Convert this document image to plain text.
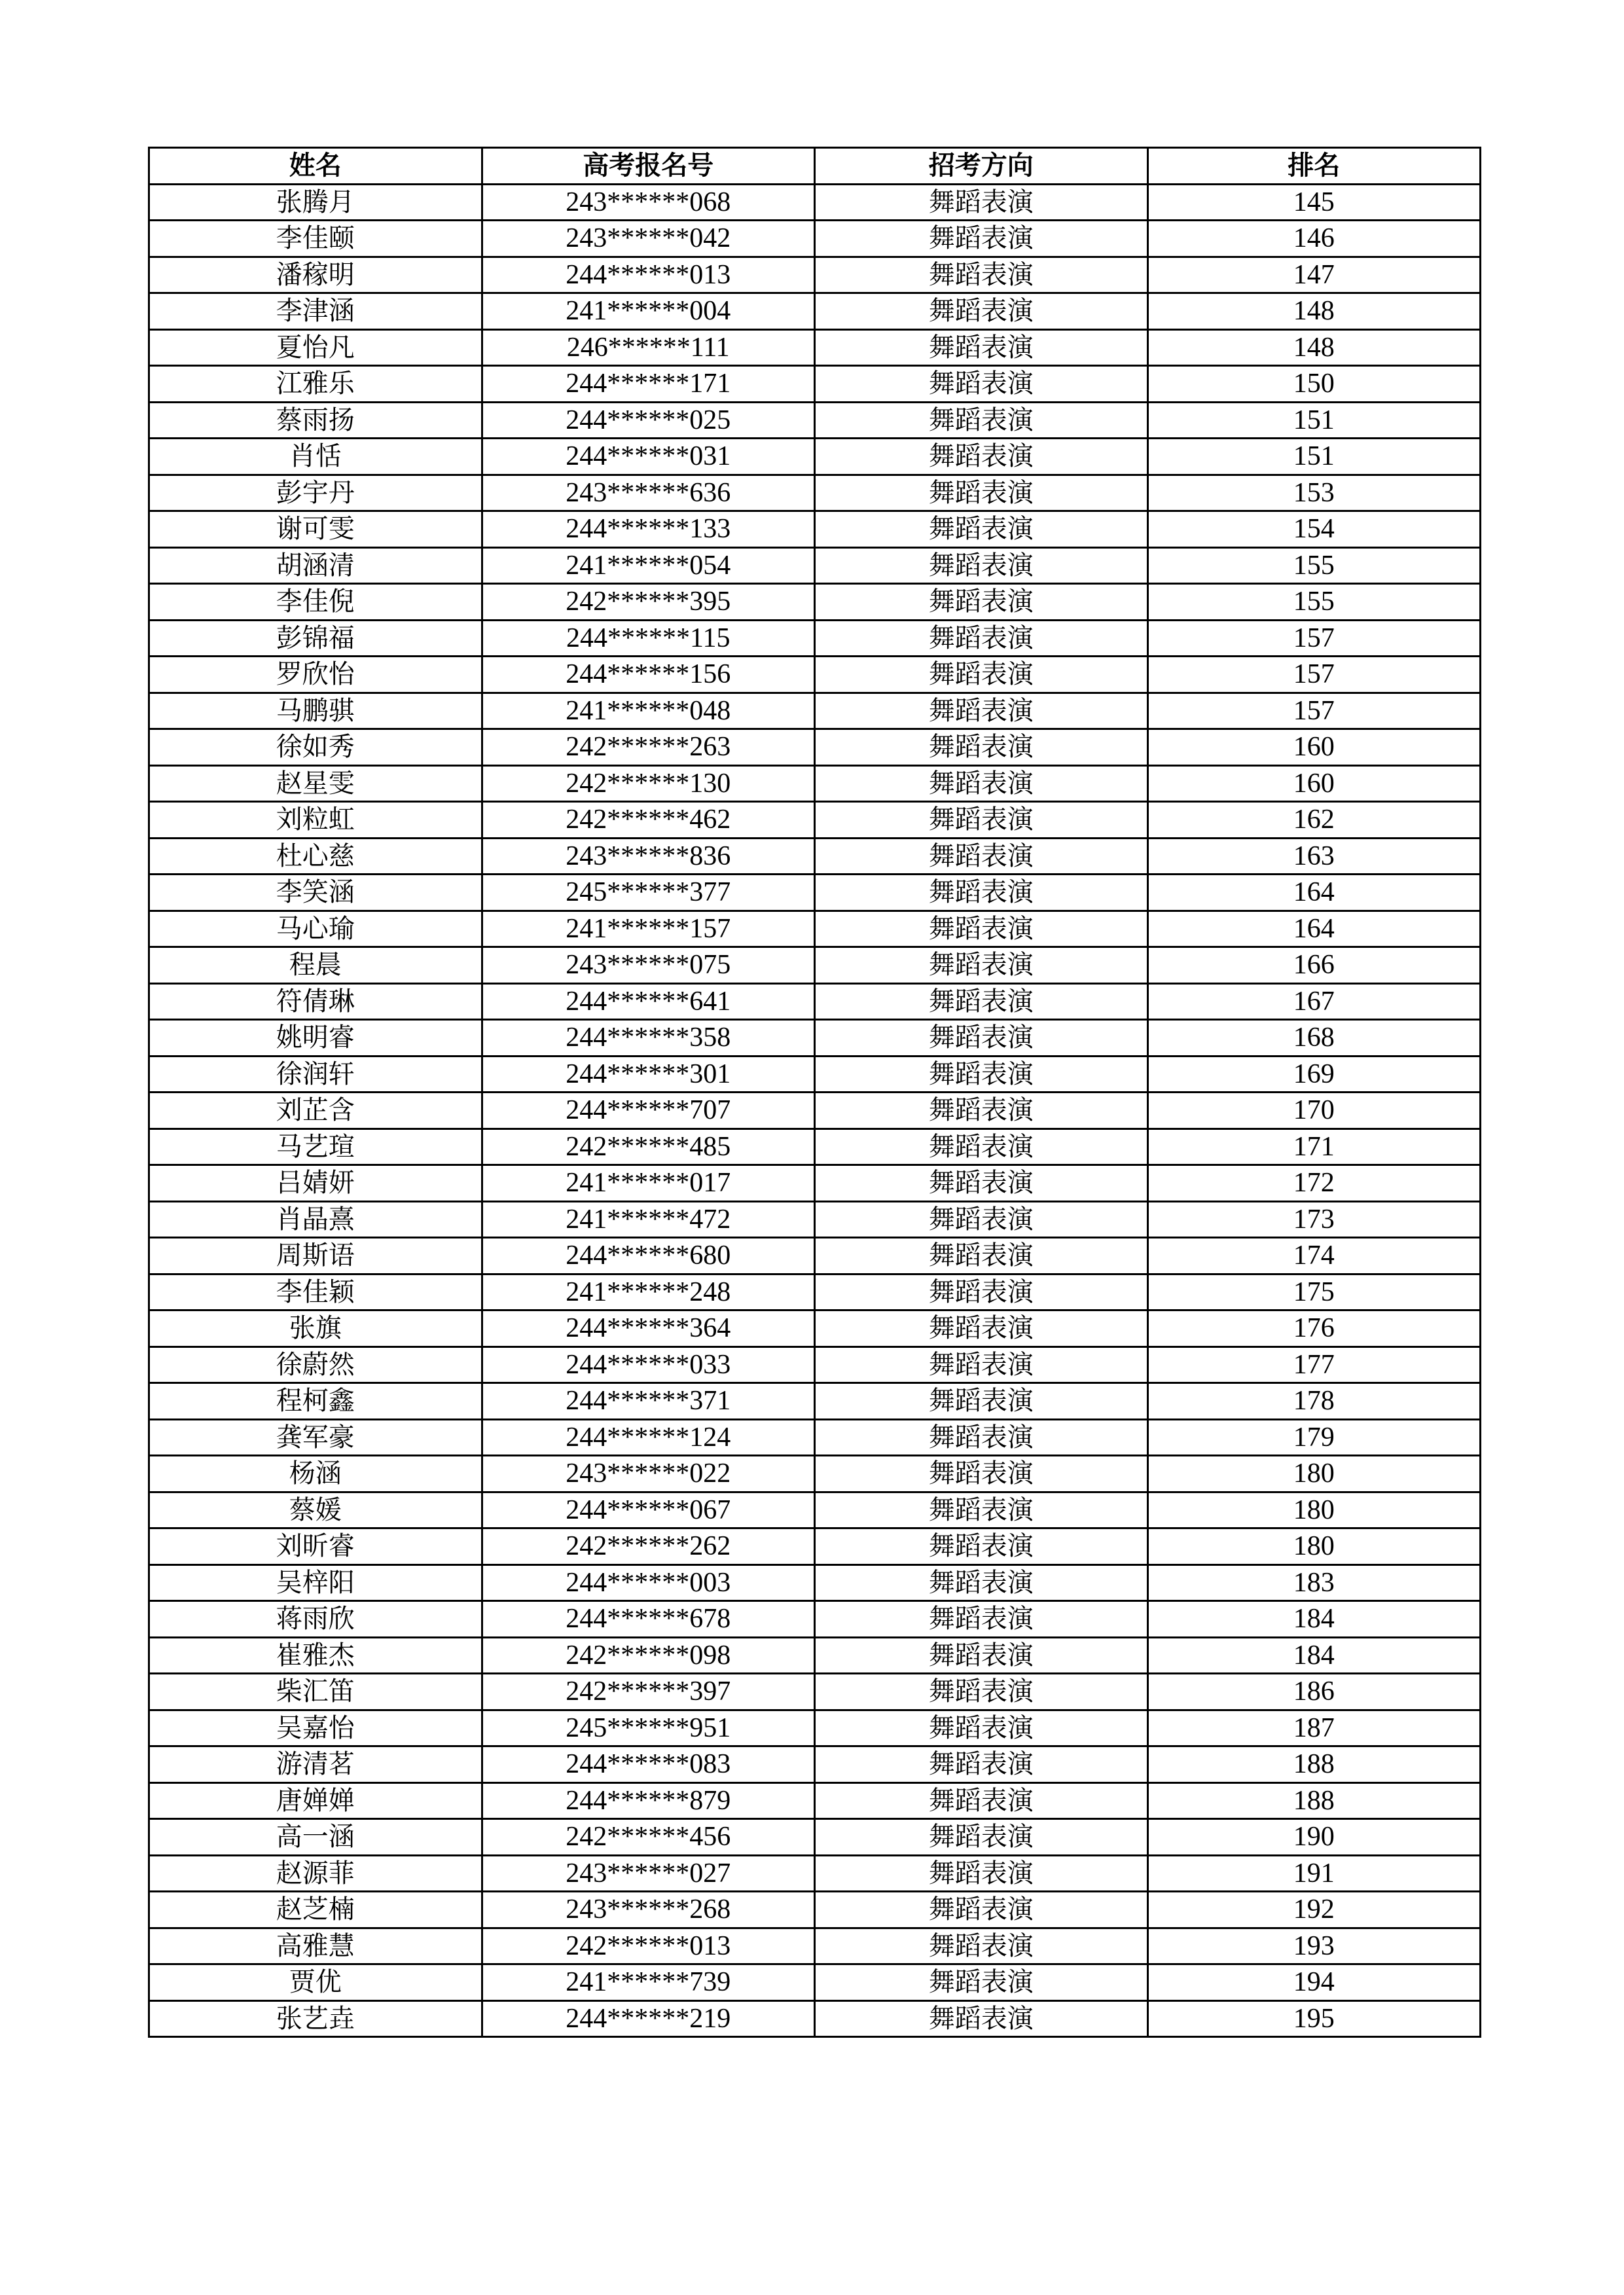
姓名	高考报名号	招考方向	排名
张腾月	243******068	舞蹈表演	145
李佳颐	243******042	舞蹈表演	146
潘稼明	244******013	舞蹈表演	147
李津涵	241******004	舞蹈表演	148
夏怡凡	246******111	舞蹈表演	148
江雅乐	244******171	舞蹈表演	150
蔡雨扬	244******025	舞蹈表演	151
肖恬	244******031	舞蹈表演	151
彭宇丹	243******636	舞蹈表演	153
谢可雯	244******133	舞蹈表演	154
胡涵清	241******054	舞蹈表演	155
李佳倪	242******395	舞蹈表演	155
彭锦福	244******115	舞蹈表演	157
罗欣怡	244******156	舞蹈表演	157
马鹏骐	241******048	舞蹈表演	157
徐如秀	242******263	舞蹈表演	160
赵星雯	242******130	舞蹈表演	160
刘粒虹	242******462	舞蹈表演	162
杜心慈	243******836	舞蹈表演	163
李笑涵	245******377	舞蹈表演	164
马心瑜	241******157	舞蹈表演	164
程晨	243******075	舞蹈表演	166
符倩琳	244******641	舞蹈表演	167
姚明睿	244******358	舞蹈表演	168
徐润轩	244******301	舞蹈表演	169
刘芷含	244******707	舞蹈表演	170
马艺瑄	242******485	舞蹈表演	171
吕婧妍	241******017	舞蹈表演	172
肖晶熹	241******472	舞蹈表演	173
周斯语	244******680	舞蹈表演	174
李佳颖	241******248	舞蹈表演	175
张旗	244******364	舞蹈表演	176
徐蔚然	244******033	舞蹈表演	177
程柯鑫	244******371	舞蹈表演	178
龚军豪	244******124	舞蹈表演	179
杨涵	243******022	舞蹈表演	180
蔡媛	244******067	舞蹈表演	180
刘昕睿	242******262	舞蹈表演	180
吴梓阳	244******003	舞蹈表演	183
蒋雨欣	244******678	舞蹈表演	184
崔雅杰	242******098	舞蹈表演	184
柴汇笛	242******397	舞蹈表演	186
吴嘉怡	245******951	舞蹈表演	187
游清茗	244******083	舞蹈表演	188
唐婵婵	244******879	舞蹈表演	188
高一涵	242******456	舞蹈表演	190
赵源菲	243******027	舞蹈表演	191
赵芝楠	243******268	舞蹈表演	192
高雅慧	242******013	舞蹈表演	193
贾优	241******739	舞蹈表演	194
张艺垚	244******219	舞蹈表演	195
